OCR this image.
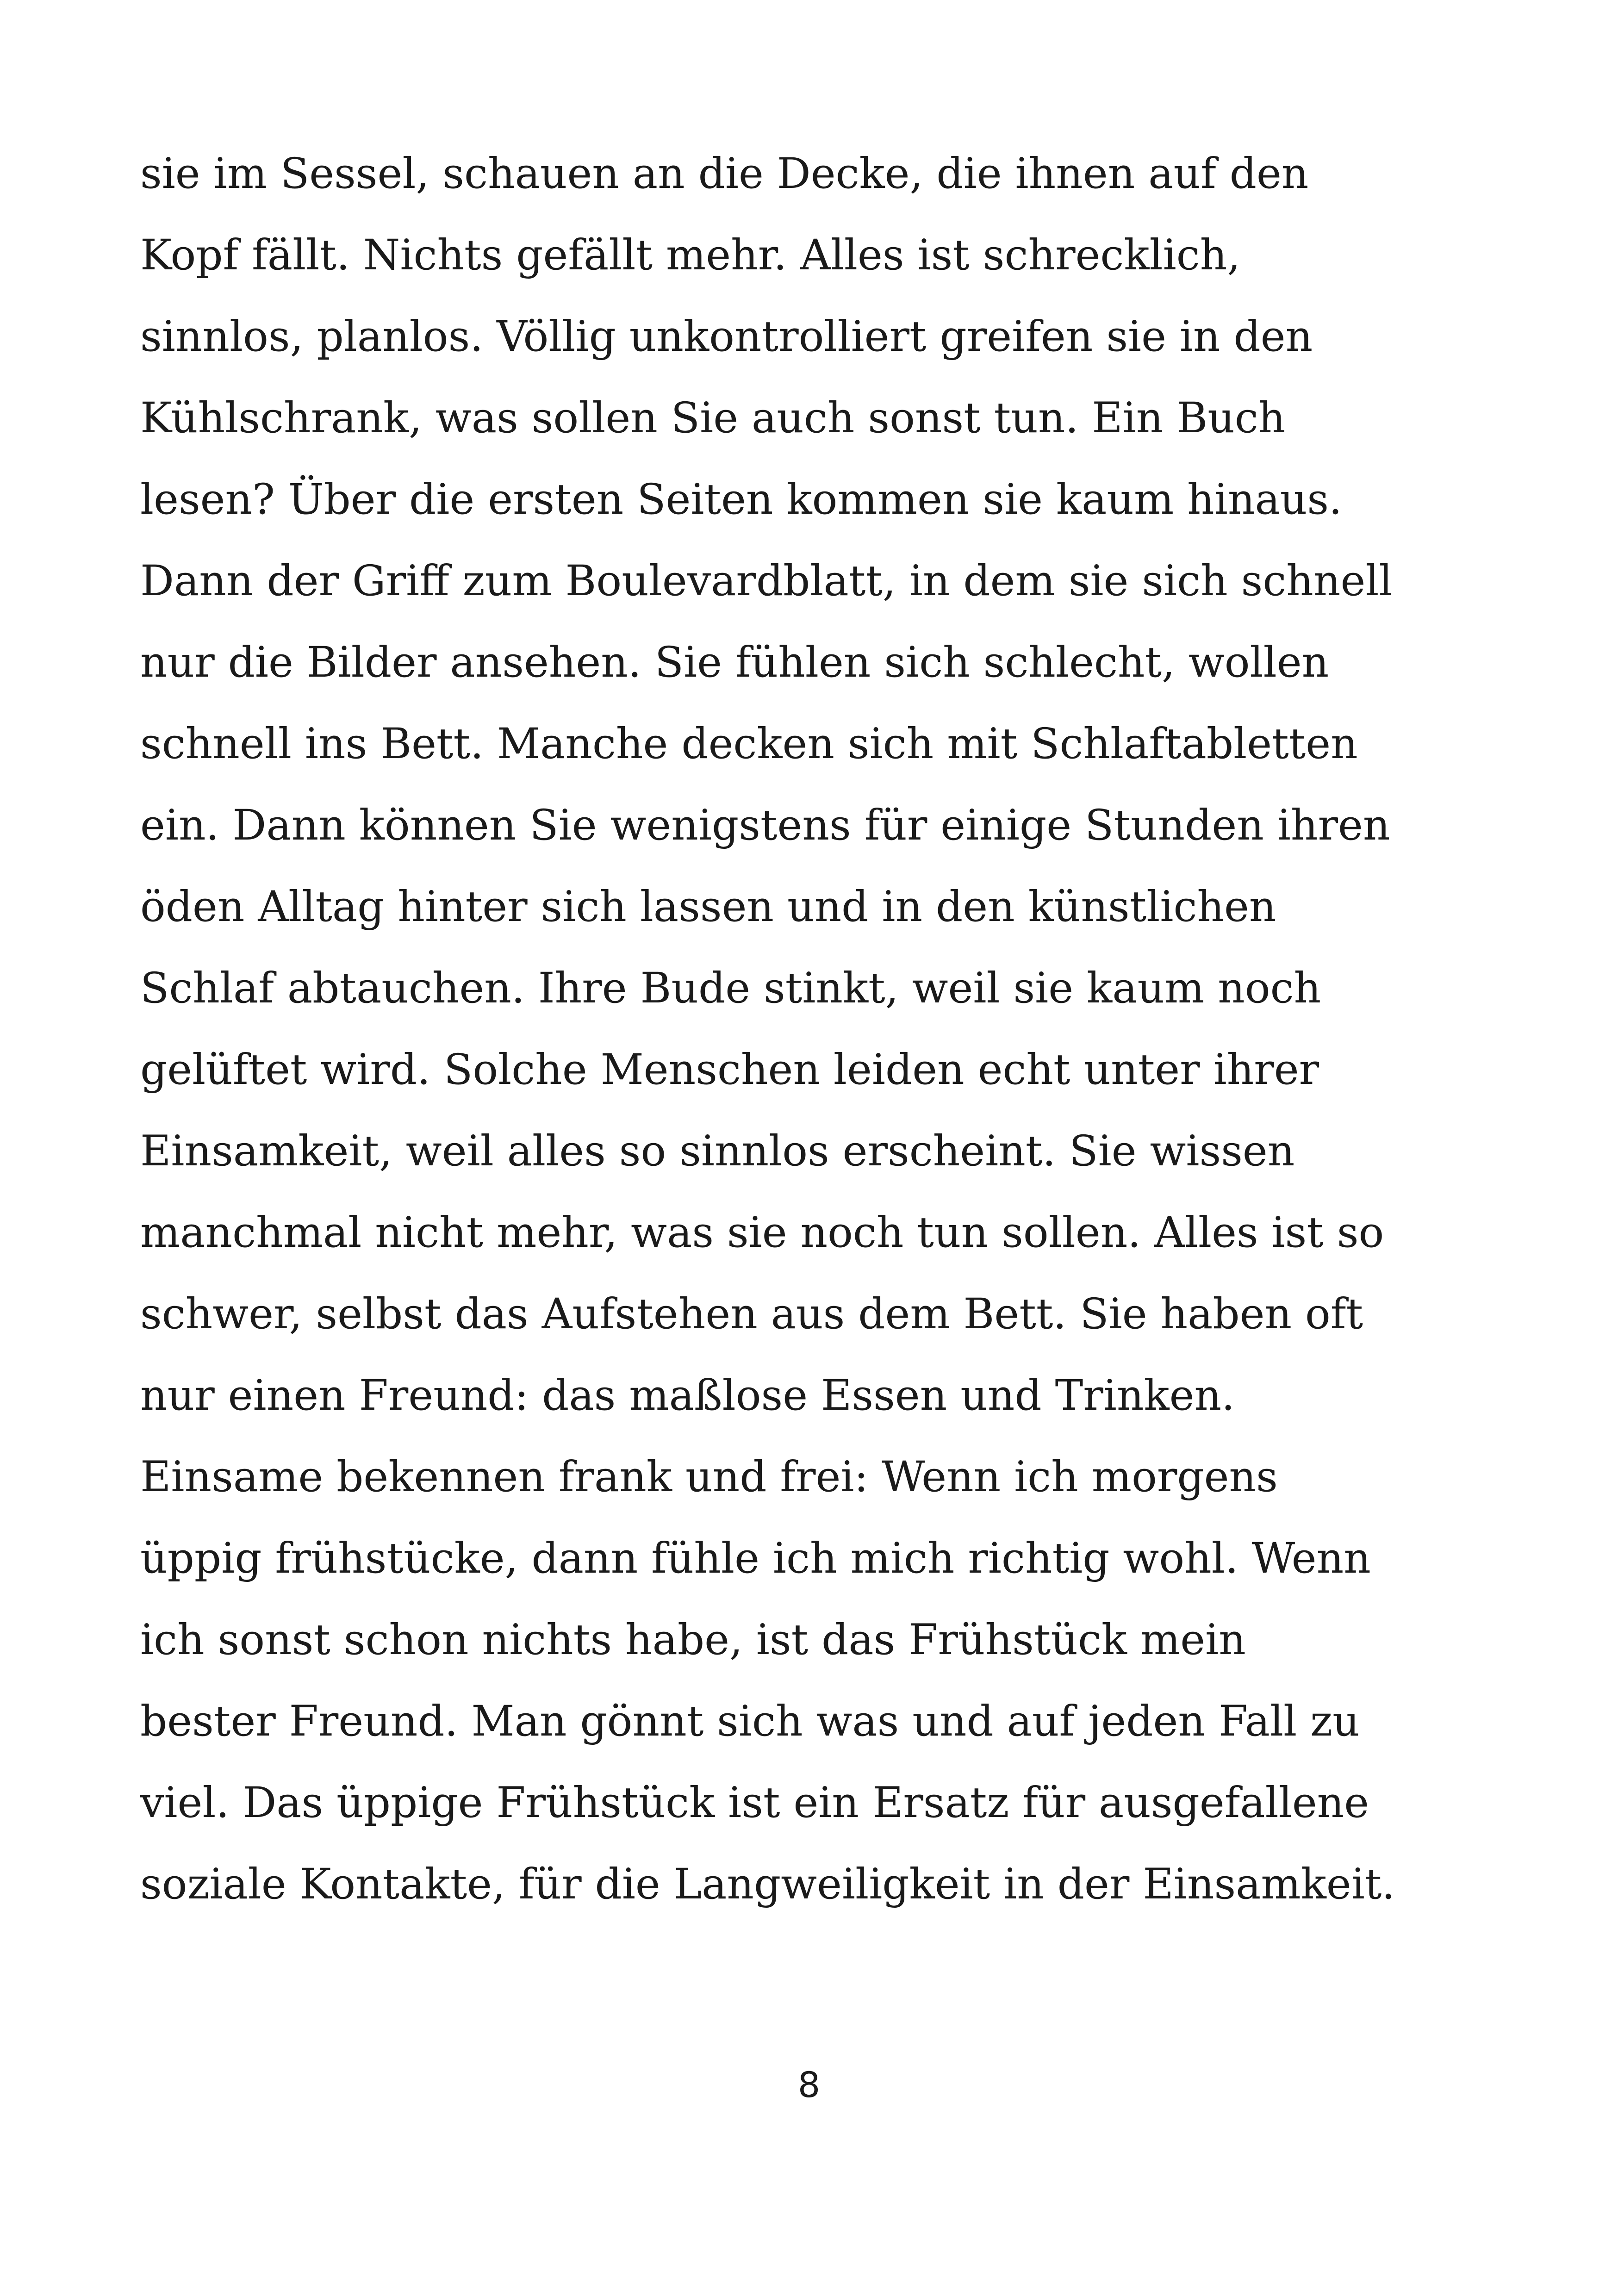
sie im Sessel, schauen an die Decke, die ihnen auf den
Kopf fällt. Nichts gefällt mehr. Alles ist schrecklich,
sinnlos, planlos. Völlig unkontrolliert greifen sie in den
Kühlschrank, was sollen Sie auch sonst tun. Ein Buch
lesen? Über die ersten Seiten kommen sie kaum hinaus.
Dann der Griff zum Boulevardblatt, in dem sie sich schnell
nur die Bilder ansehen. Sie fühlen sich schlecht, wollen
schnell ins Bett. Manche decken sich mit Schlaftabletten
ein. Dann können Sie wenigstens für einige Stunden ihren
öden Alltag hinter sich lassen und in den künstlichen
Schlaf abtauchen. Ihre Bude stinkt, weil sie kaum noch
gelüftet wird. Solche Menschen leiden echt unter ihrer
Einsamkeit, weil alles so sinnlos erscheint. Sie wissen
manchmal nicht mehr, was sie noch tun sollen. Alles ist so
schwer, selbst das Aufstehen aus dem Bett. Sie haben oft
nur einen Freund: das maßlose Essen und Trinken.
Einsame bekennen frank und frei: Wenn ich morgens
üppig frühstücke, dann fühle ich mich richtig wohl. Wenn
ich sonst schon nichts habe, ist das Frühstück mein
bester Freund. Man gönnt sich was und auf jeden Fall zu
viel. Das üppige Frühstück ist ein Ersatz für ausgefallene
soziale Kontakte, für die Langweiligkeit in der Einsamkeit.
8
